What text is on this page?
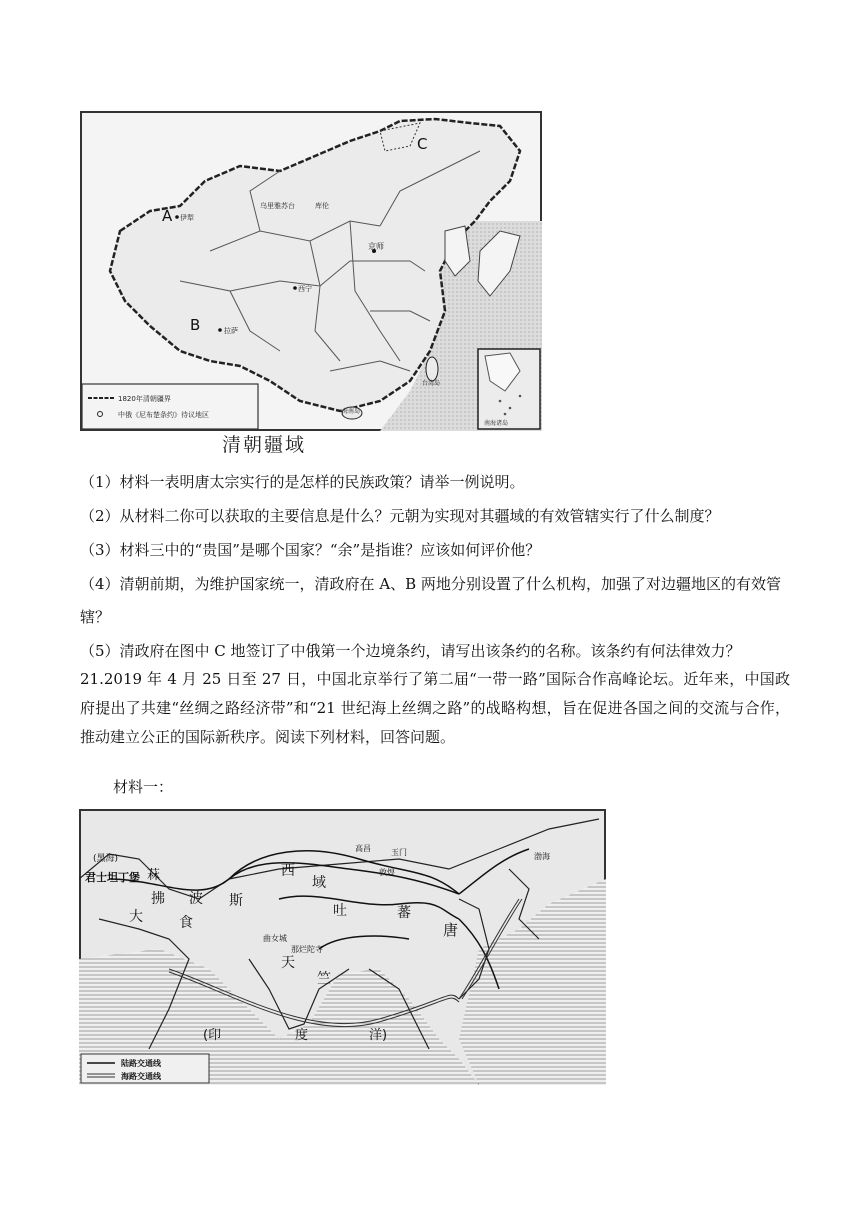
南海诸岛
A 伊犁
B	拉萨
C
乌里雅苏台	库伦
京师
西宁
台湾岛
海南岛
1820年清朝疆界
中俄《尼布楚条约》待议地区
清朝疆域
（1）材料一表明唐太宗实行的是怎样的民族政策？请举一例说明。
（2）从材料二你可以获取的主要信息是什么？元朝为实现对其疆域的有效管辖实行了什么制度？
（3）材料三中的“贵国”是哪个国家？“余”是指谁？应该如何评价他？
（4）清朝前期，为维护国家统一，清政府在 A、B 两地分别设置了什么机构，加强了对边疆地区的有效管
辖？
（5）清政府在图中 C 地签订了中俄第一个边境条约，请写出该条约的名称。该条约有何法律效力？
21.2019 年 4 月 25 日至 27 日，中国北京举行了第二届“一带一路”国际合作高峰论坛。近年来，中国政府提出了共建“丝绸之路经济带”和“21 世纪海上丝绸之路”的战略构想，旨在促进各国之间的交流与合作，推动建立公正的国际新秩序。阅读下列材料，回答问题。
材料一：
(黑海)
君士坦丁堡
拂
菻
大	食
波 斯
西
域
高昌	玉门
敦煌
吐	蕃
唐
曲女城
那烂陀寺
天
竺
渤海
(印	度	洋)
陆路交通线
海路交通线
